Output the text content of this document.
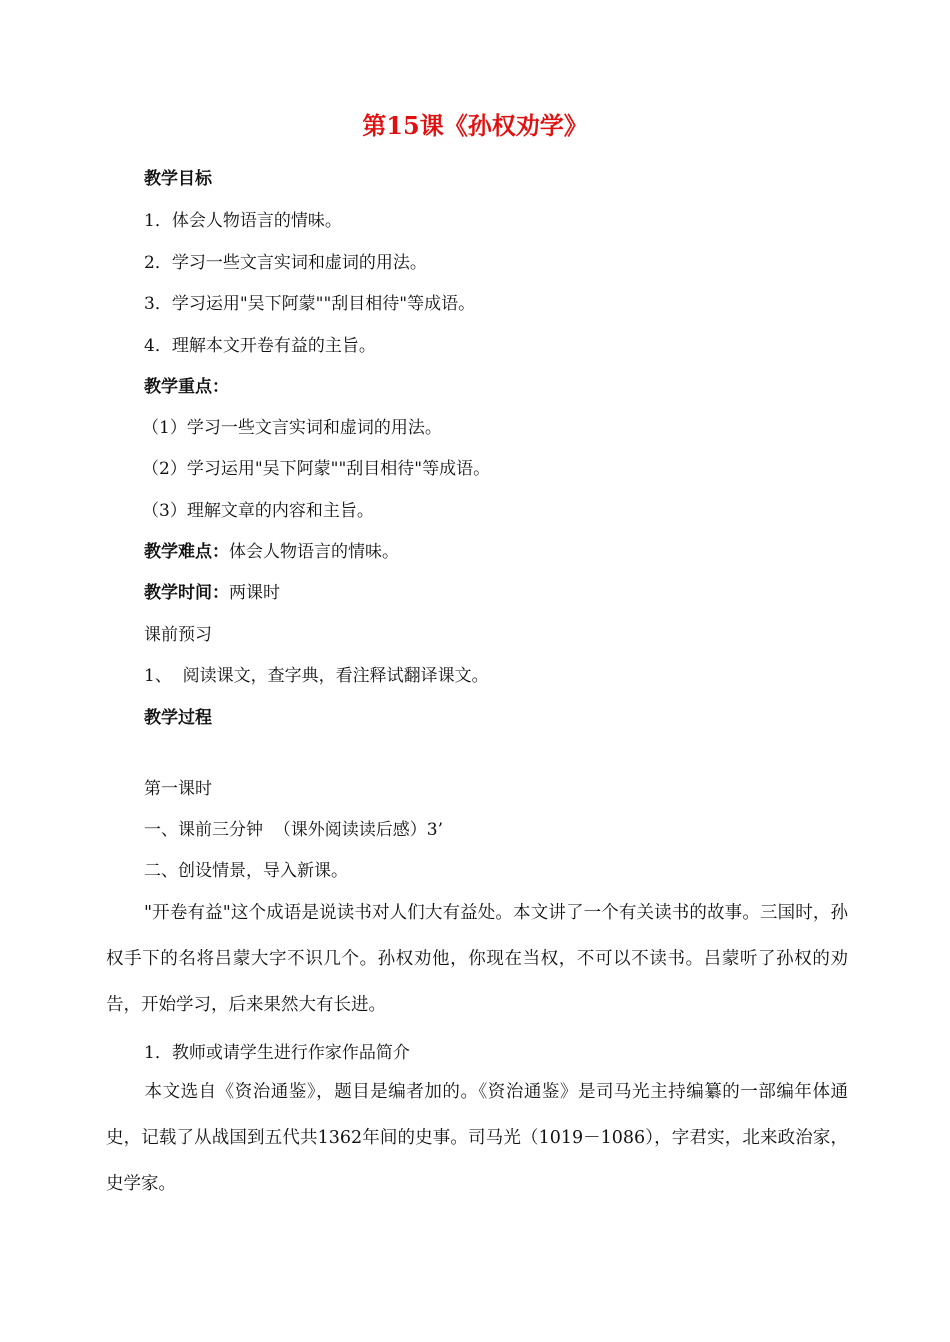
第15课《孙权劝学》
教学目标
1．体会人物语言的情味。
2．学习一些文言实词和虚词的用法。
3．学习运用"吴下阿蒙""刮目相待"等成语。
4．理解本文开卷有益的主旨。
教学重点：
（1）学习一些文言实词和虚词的用法。
（2）学习运用"吴下阿蒙""刮目相待"等成语。
（3）理解文章的内容和主旨。
教学难点：体会人物语言的情味。
教学时间：两课时
课前预习
1、  阅读课文，查字典，看注释试翻译课文。
教学过程
第一课时
一、课前三分钟  （课外阅读读后感）3’
二、创设情景，导入新课。
"开卷有益"这个成语是说读书对人们大有益处。本文讲了一个有关读书的故事。三国时，孙权手下的名将吕蒙大字不识几个。孙权劝他，你现在当权，不可以不读书。吕蒙听了孙权的劝告，开始学习，后来果然大有长进。
1．教师或请学生进行作家作品简介
本文选自《资治通鉴》，题目是编者加的。《资治通鉴》是司马光主持编纂的一部编年体通史，记载了从战国到五代共1362年间的史事。司马光（1019－1086），字君实，北来政治家，史学家。
